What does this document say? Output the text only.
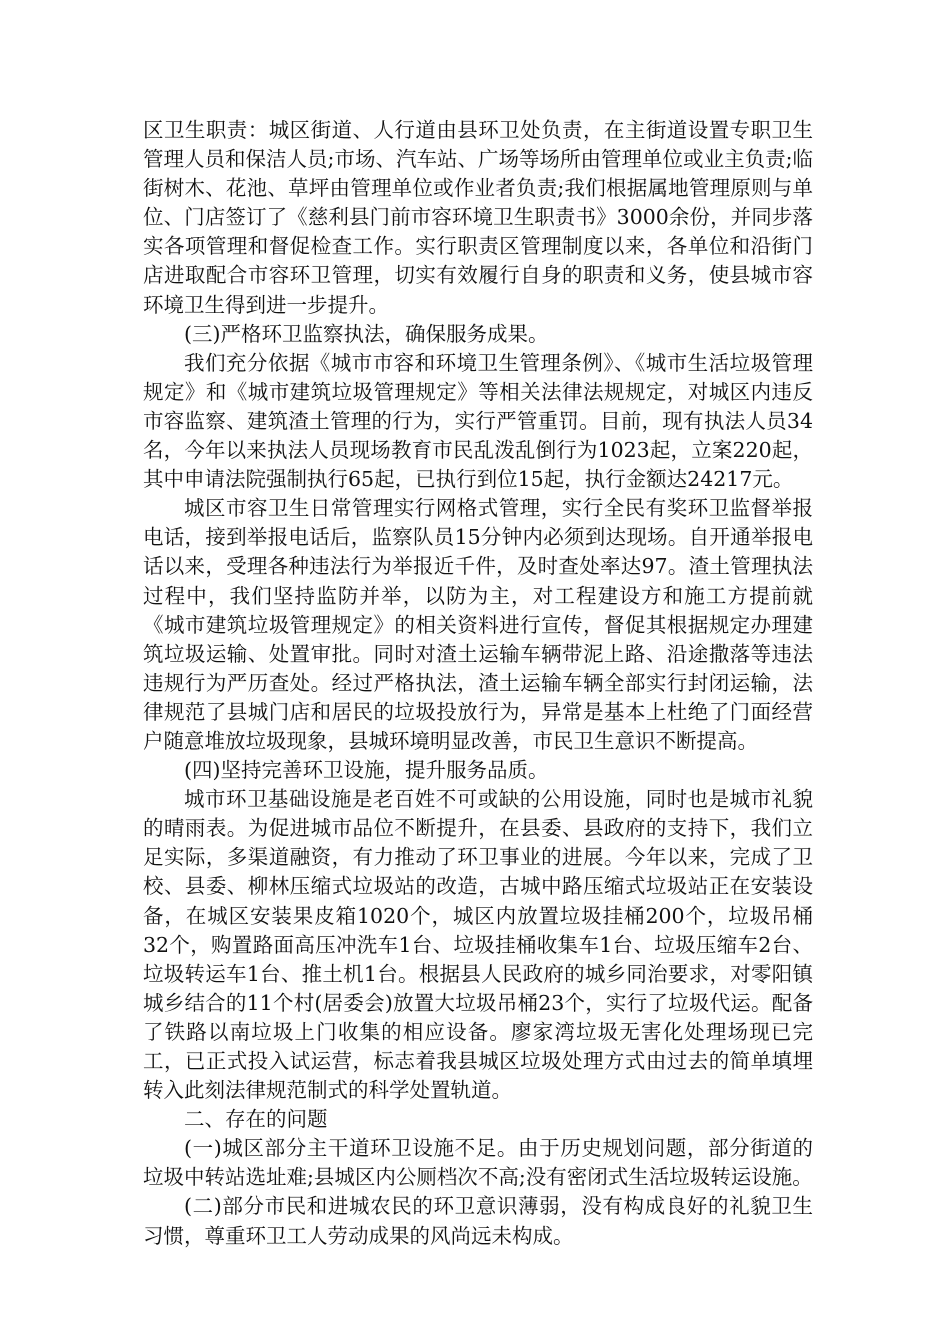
区卫生职责：城区街道、人行道由县环卫处负责，在主街道设置专职卫生管理人员和保洁人员;市场、汽车站、广场等场所由管理单位或业主负责;临街树木、花池、草坪由管理单位或作业者负责;我们根据属地管理原则与单位、门店签订了《慈利县门前市容环境卫生职责书》3000余份，并同步落实各项管理和督促检查工作。实行职责区管理制度以来，各单位和沿街门店进取配合市容环卫管理，切实有效履行自身的职责和义务，使县城市容环境卫生得到进一步提升。

(三)严格环卫监察执法，确保服务成果。

我们充分依据《城市市容和环境卫生管理条例》、《城市生活垃圾管理规定》和《城市建筑垃圾管理规定》等相关法律法规规定，对城区内违反市容监察、建筑渣土管理的行为，实行严管重罚。目前，现有执法人员34名，今年以来执法人员现场教育市民乱泼乱倒行为1023起，立案220起，其中申请法院强制执行65起，已执行到位15起，执行金额达24217元。

城区市容卫生日常管理实行网格式管理，实行全民有奖环卫监督举报电话，接到举报电话后，监察队员15分钟内必须到达现场。自开通举报电话以来，受理各种违法行为举报近千件，及时查处率达97。渣土管理执法过程中，我们坚持监防并举，以防为主，对工程建设方和施工方提前就《城市建筑垃圾管理规定》的相关资料进行宣传，督促其根据规定办理建筑垃圾运输、处置审批。同时对渣土运输车辆带泥上路、沿途撒落等违法违规行为严历查处。经过严格执法，渣土运输车辆全部实行封闭运输，法律规范了县城门店和居民的垃圾投放行为，异常是基本上杜绝了门面经营户随意堆放垃圾现象，县城环境明显改善，市民卫生意识不断提高。

(四)坚持完善环卫设施，提升服务品质。

城市环卫基础设施是老百姓不可或缺的公用设施，同时也是城市礼貌的晴雨表。为促进城市品位不断提升，在县委、县政府的支持下，我们立足实际，多渠道融资，有力推动了环卫事业的进展。今年以来，完成了卫校、县委、柳林压缩式垃圾站的改造，古城中路压缩式垃圾站正在安装设备，在城区安装果皮箱1020个，城区内放置垃圾挂桶200个，垃圾吊桶32个，购置路面高压冲洗车1台、垃圾挂桶收集车1台、垃圾压缩车2台、垃圾转运车1台、推土机1台。根据县人民政府的城乡同治要求，对零阳镇城乡结合的11个村(居委会)放置大垃圾吊桶23个，实行了垃圾代运。配备了铁路以南垃圾上门收集的相应设备。廖家湾垃圾无害化处理场现已完工，已正式投入试运营，标志着我县城区垃圾处理方式由过去的简单填埋转入此刻法律规范制式的科学处置轨道。

二、存在的问题

(一)城区部分主干道环卫设施不足。由于历史规划问题，部分街道的垃圾中转站选址难;县城区内公厕档次不高;没有密闭式生活垃圾转运设施。

(二)部分市民和进城农民的环卫意识薄弱，没有构成良好的礼貌卫生习惯，尊重环卫工人劳动成果的风尚远未构成。
